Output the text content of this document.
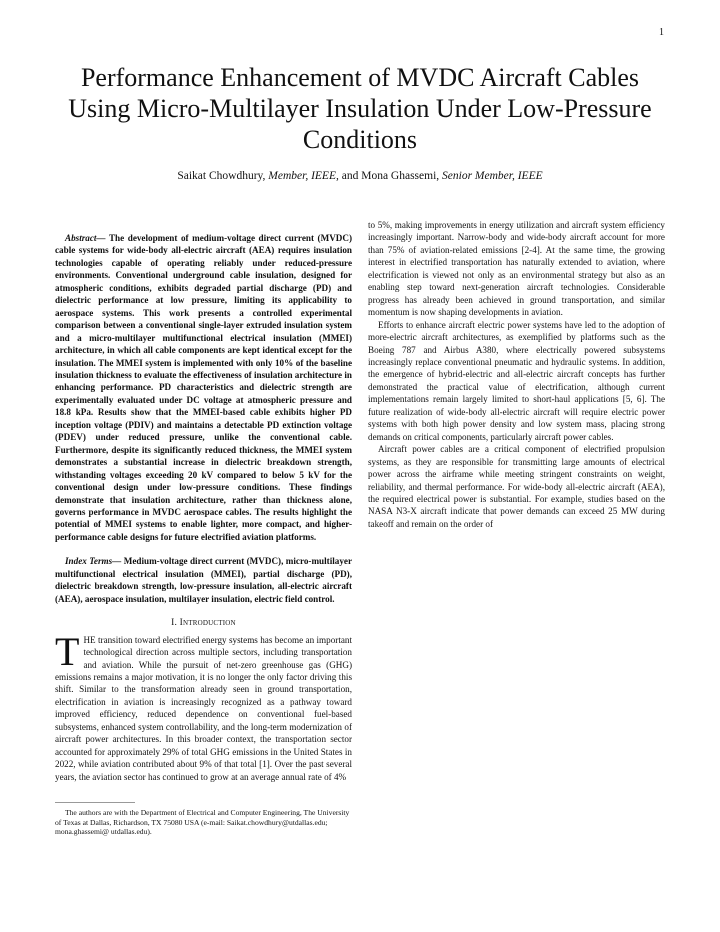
1
Performance Enhancement of MVDC Aircraft Cables Using Micro-Multilayer Insulation Under Low-Pressure Conditions
Saikat Chowdhury, Member, IEEE, and Mona Ghassemi, Senior Member, IEEE

Abstract— The development of medium-voltage direct current (MVDC) cable systems for wide-body all-electric aircraft (AEA) requires insulation technologies capable of operating reliably under reduced-pressure environments. Conventional underground cable insulation, designed for atmospheric conditions, exhibits degraded partial discharge (PD) and dielectric performance at low pressure, limiting its applicability to aerospace systems. This work presents a controlled experimental comparison between a conventional single-layer extruded insulation system and a micro-multilayer multifunctional electrical insulation (MMEI) architecture, in which all cable components are kept identical except for the insulation. The MMEI system is implemented with only 10% of the baseline insulation thickness to evaluate the effectiveness of insulation architecture in enhancing performance. PD characteristics and dielectric strength are experimentally evaluated under DC voltage at atmospheric pressure and 18.8 kPa. Results show that the MMEI-based cable exhibits higher PD inception voltage (PDIV) and maintains a detectable PD extinction voltage (PDEV) under reduced pressure, unlike the conventional cable. Furthermore, despite its significantly reduced thickness, the MMEI system demonstrates a substantial increase in dielectric breakdown strength, withstanding voltages exceeding 20 kV compared to below 5 kV for the conventional design under low-pressure conditions. These findings demonstrate that insulation architecture, rather than thickness alone, governs performance in MVDC aerospace cables. The results highlight the potential of MMEI systems to enable lighter, more compact, and higher-performance cable designs for future electrified aviation platforms.

Index Terms— Medium-voltage direct current (MVDC), micro-multilayer multifunctional electrical insulation (MMEI), partial discharge (PD), dielectric breakdown strength, low-pressure insulation, all-electric aircraft (AEA), aerospace insulation, multilayer insulation, electric field control.

I. Introduction

THE transition toward electrified energy systems has become an important technological direction across multiple sectors, including transportation and aviation. While the pursuit of net-zero greenhouse gas (GHG) emissions remains a major motivation, it is no longer the only factor driving this shift. Similar to the transformation already seen in ground transportation, electrification in aviation is increasingly recognized as a pathway toward improved efficiency, reduced dependence on conventional fuel-based subsystems, enhanced system controllability, and the long-term modernization of aircraft power architectures. In this broader context, the transportation sector accounted for approximately 29% of total GHG emissions in the United States in 2022, while aviation contributed about 9% of that total [1]. Over the past several years, the aviation sector has continued to grow at an average annual rate of 4%

to 5%, making improvements in energy utilization and aircraft system efficiency increasingly important. Narrow-body and wide-body aircraft account for more than 75% of aviation-related emissions [2-4]. At the same time, the growing interest in electrified transportation has naturally extended to aviation, where electrification is viewed not only as an environmental strategy but also as an enabling step toward next-generation aircraft technologies. Considerable progress has already been achieved in ground transportation, and similar momentum is now shaping developments in aviation.

Efforts to enhance aircraft electric power systems have led to the adoption of more-electric aircraft architectures, as exemplified by platforms such as the Boeing 787 and Airbus A380, where electrically powered subsystems increasingly replace conventional pneumatic and hydraulic systems. In addition, the emergence of hybrid-electric and all-electric aircraft concepts has further demonstrated the practical value of electrification, although current implementations remain largely limited to short-haul applications [5, 6]. The future realization of wide-body all-electric aircraft will require electric power systems with both high power density and low system mass, placing strong demands on critical components, particularly aircraft power cables.

Aircraft power cables are a critical component of electrified propulsion systems, as they are responsible for transmitting large amounts of electrical power across the airframe while meeting stringent constraints on weight, reliability, and thermal performance. For wide-body all-electric aircraft (AEA), the required electrical power is substantial. For example, studies based on the NASA N3-X aircraft indicate that power demands can exceed 25 MW during takeoff and remain on the order of

The authors are with the Department of Electrical and Computer Engineering, The University of Texas at Dallas, Richardson, TX 75080 USA (e-mail: Saikat.chowdhury@utdallas.edu; mona.ghassemi@ utdallas.edu).
